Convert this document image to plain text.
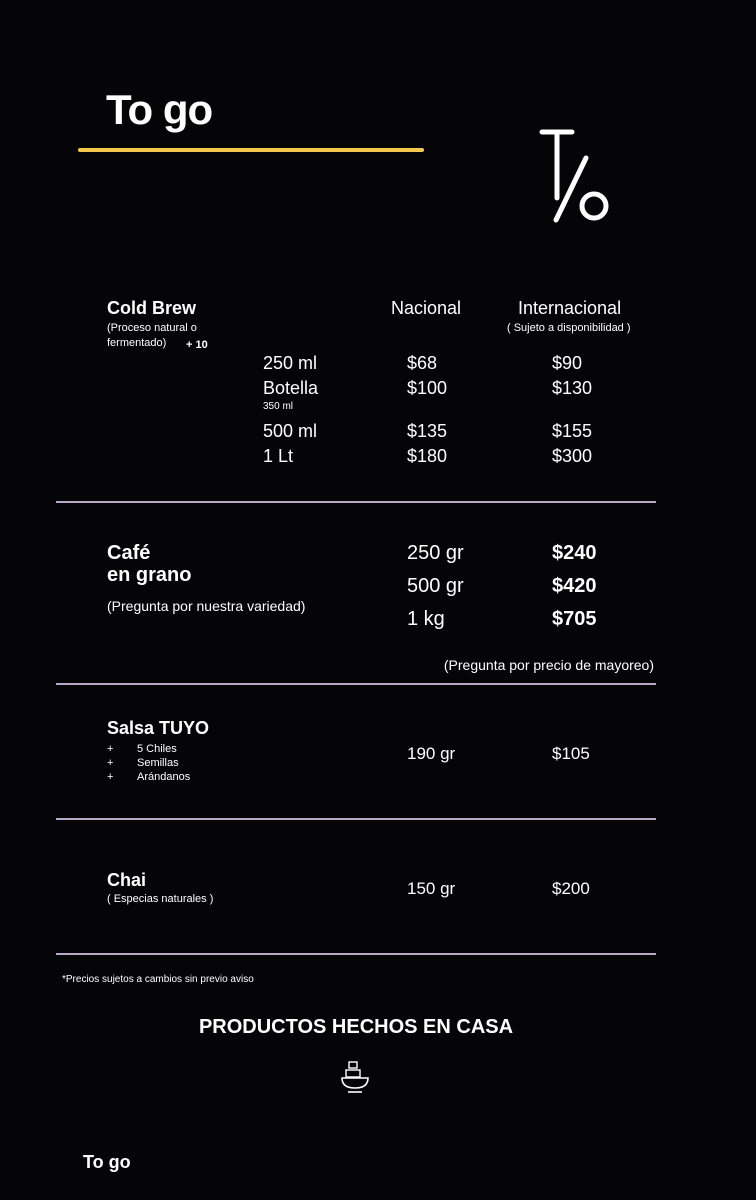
To go
Cold Brew
(Proceso natural o
fermentado) + 10
Nacional	Internacional
( Sujeto a disponibilidad )
250 ml	$68	$90
Botella
350 ml
$100	$130
500 ml	$135	$155
1 Lt	$180	$300
Café
en grano
(Pregunta por nuestra variedad)
250 gr	$240
500 gr	$420
1 kg	$705
(Pregunta por precio de mayoreo)
Salsa TUYO
+ 5 Chiles
+ Semillas
+ Arándanos
190 gr	$105
Chai
( Especias naturales )
150 gr	$200
*Precios sujetos a cambios sin previo aviso
PRODUCTOS HECHOS EN CASA
To go
